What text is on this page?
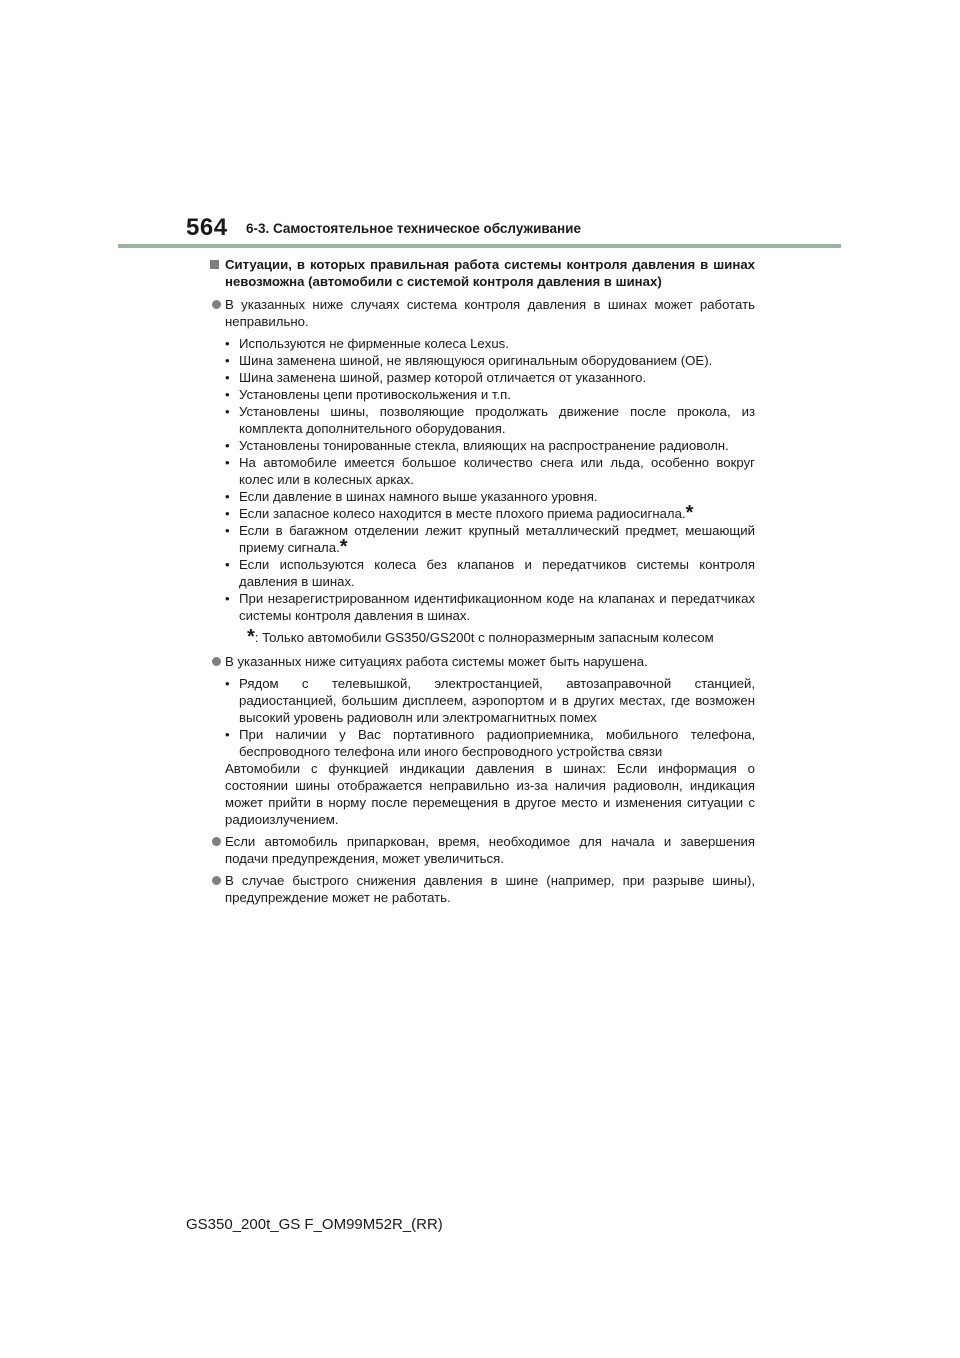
564 6-3. Самостоятельное техническое обслуживание
Ситуации, в которых правильная работа системы контроля давления в шинах невозможна (автомобили с системой контроля давления в шинах)
В указанных ниже случаях система контроля давления в шинах может работать неправильно.
• Используются не фирменные колеса Lexus.
• Шина заменена шиной, не являющуюся оригинальным оборудованием (OE).
• Шина заменена шиной, размер которой отличается от указанного.
• Установлены цепи противоскольжения и т.п.
• Установлены шины, позволяющие продолжать движение после прокола, из комплекта дополнительного оборудования.
• Установлены тонированные стекла, влияющих на распространение радиоволн.
• На автомобиле имеется большое количество снега или льда, особенно вокруг колес или в колесных арках.
• Если давление в шинах намного выше указанного уровня.
• Если запасное колесо находится в месте плохого приема радиосигнала.*
• Если в багажном отделении лежит крупный металлический предмет, мешающий приему сигнала.*
• Если используются колеса без клапанов и передатчиков системы контроля давления в шинах.
• При незарегистрированном идентификационном коде на клапанах и передатчиках системы контроля давления в шинах.
*: Только автомобили GS350/GS200t с полноразмерным запасным колесом
В указанных ниже ситуациях работа системы может быть нарушена.
• Рядом с телевышкой, электростанцией, автозаправочной станцией, радиостанцией, большим дисплеем, аэропортом и в других местах, где возможен высокий уровень радиоволн или электромагнитных помех
• При наличии у Вас портативного радиоприемника, мобильного телефона, беспроводного телефона или иного беспроводного устройства связи
Автомобили с функцией индикации давления в шинах: Если информация о состоянии шины отображается неправильно из-за наличия радиоволн, индикация может прийти в норму после перемещения в другое место и изменения ситуации с радиоизлучением.
Если автомобиль припаркован, время, необходимое для начала и завершения подачи предупреждения, может увеличиться.
В случае быстрого снижения давления в шине (например, при разрыве шины), предупреждение может не работать.
GS350_200t_GS F_OM99M52R_(RR)
